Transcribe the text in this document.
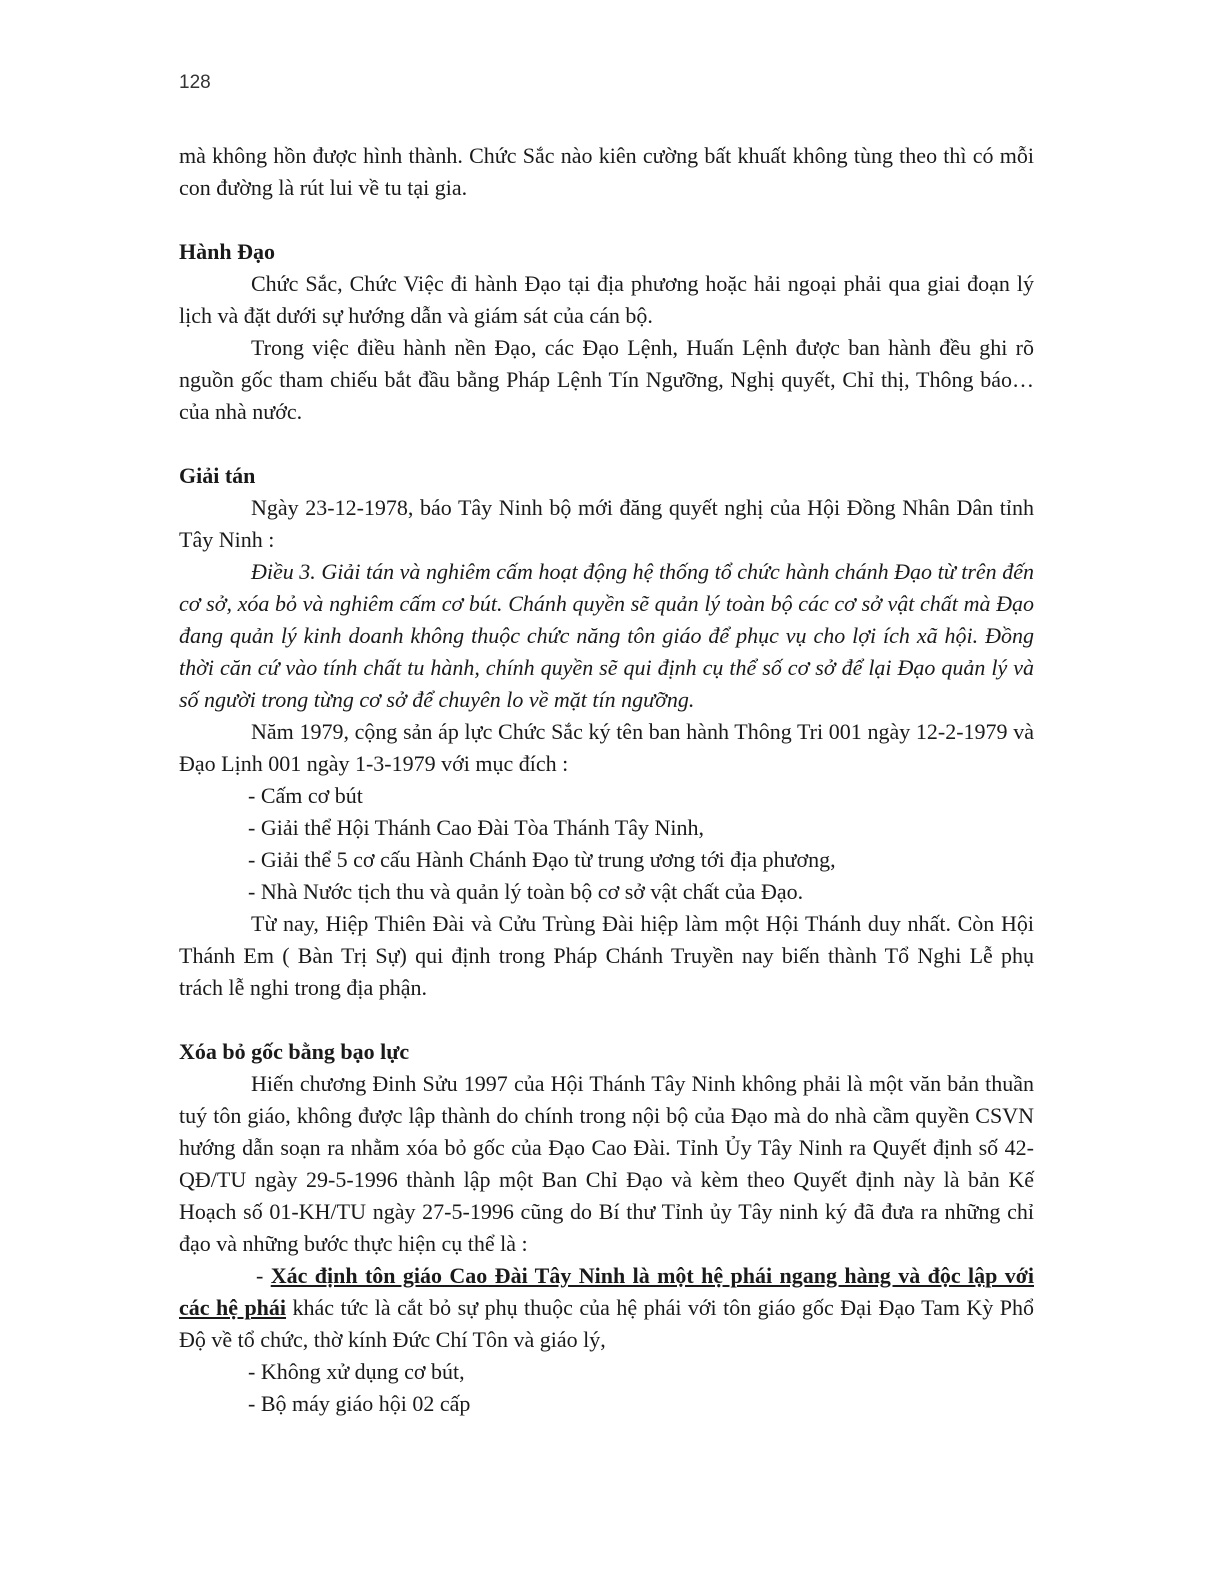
128

mà không hồn được hình thành. Chức Sắc nào kiên cường bất khuất không tùng theo thì có mỗi con đường là rút lui về tu tại gia.

Hành Đạo

Chức Sắc, Chức Việc đi hành Đạo tại địa phương hoặc hải ngoại phải qua giai đoạn lý lịch và đặt dưới sự hướng dẫn và giám sát của cán bộ.

Trong việc điều hành nền Đạo, các Đạo Lệnh, Huấn Lệnh được ban hành đều ghi rõ nguồn gốc tham chiếu bắt đầu bằng Pháp Lệnh Tín Ngưỡng, Nghị quyết, Chỉ thị, Thông báo…của nhà nước.

Giải tán

Ngày 23-12-1978, báo Tây Ninh bộ mới đăng quyết nghị của Hội Đồng Nhân Dân tỉnh Tây Ninh :

Điều 3. Giải tán và nghiêm cấm hoạt động hệ thống tổ chức hành chánh Đạo từ trên đến cơ sở, xóa bỏ và nghiêm cấm cơ bút. Chánh quyền sẽ quản lý toàn bộ các cơ sở vật chất mà Đạo đang quản lý kinh doanh không thuộc chức năng tôn giáo để phục vụ cho lợi ích xã hội. Đồng thời căn cứ vào tính chất tu hành, chính quyền sẽ qui định cụ thể số cơ sở để lại Đạo quản lý và số người trong từng cơ sở để chuyên lo về mặt tín ngưỡng.

Năm 1979, cộng sản áp lực Chức Sắc ký tên ban hành Thông Tri 001 ngày 12-2-1979 và Đạo Lịnh 001 ngày 1-3-1979 với mục đích :

- Cấm cơ bút

- Giải thể Hội Thánh Cao Đài Tòa Thánh Tây Ninh,

- Giải thể 5 cơ cấu Hành Chánh Đạo từ trung ương tới địa phương,

- Nhà Nước tịch thu và quản lý toàn bộ cơ sở vật chất của Đạo.

Từ nay, Hiệp Thiên Đài và Cửu Trùng Đài hiệp làm một Hội Thánh duy nhất. Còn Hội Thánh Em ( Bàn Trị Sự) qui định trong Pháp Chánh Truyền nay biến thành Tổ Nghi Lễ phụ trách lễ nghi trong địa phận.

Xóa bỏ gốc bằng bạo lực

Hiến chương Đinh Sửu 1997 của Hội Thánh Tây Ninh không phải là một văn bản thuần tuý tôn giáo, không được lập thành do chính trong nội bộ của Đạo mà do nhà cầm quyền CSVN hướng dẫn soạn ra nhằm xóa bỏ gốc của Đạo Cao Đài. Tỉnh Ủy Tây Ninh ra Quyết định số 42-QĐ/TU ngày 29-5-1996 thành lập một Ban Chỉ Đạo và kèm theo Quyết định này là bản Kế Hoạch số 01-KH/TU ngày 27-5-1996 cũng do Bí thư Tỉnh ủy Tây ninh ký đã đưa ra những chỉ đạo và những bước thực hiện cụ thể là :

- Xác định tôn giáo Cao Đài Tây Ninh là một hệ phái ngang hàng và độc lập với các hệ phái khác tức là cắt bỏ sự phụ thuộc của hệ phái với tôn giáo gốc Đại Đạo Tam Kỳ Phổ Độ về tổ chức, thờ kính Đức Chí Tôn và giáo lý,

- Không xử dụng cơ bút,

- Bộ máy giáo hội 02 cấp
